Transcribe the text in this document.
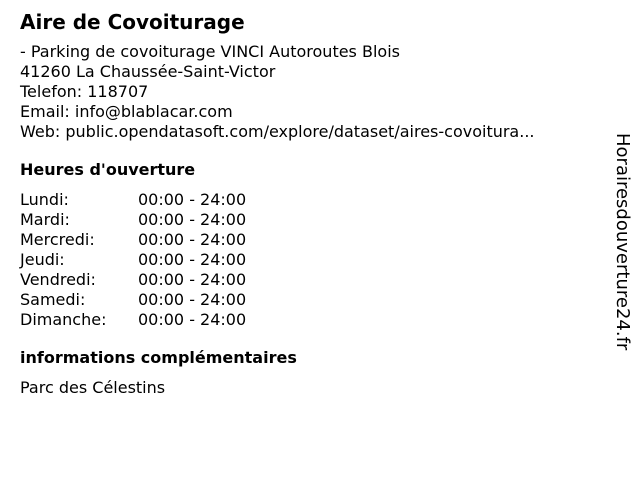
Aire de Covoiturage
- Parking de covoiturage VINCI Autoroutes Blois
41260 La Chaussée-Saint-Victor
Telefon: 118707
Email: info@blablacar.com
Web: public.opendatasoft.com/explore/dataset/aires-covoitura...
Heures d'ouverture
Lundi:	00:00 - 24:00
Mardi:	00:00 - 24:00
Mercredi:	00:00 - 24:00
Jeudi:	00:00 - 24:00
Vendredi:	00:00 - 24:00
Samedi:	00:00 - 24:00
Dimanche:	00:00 - 24:00
informations complémentaires
Parc des Célestins
Horairesdouverture24.fr
